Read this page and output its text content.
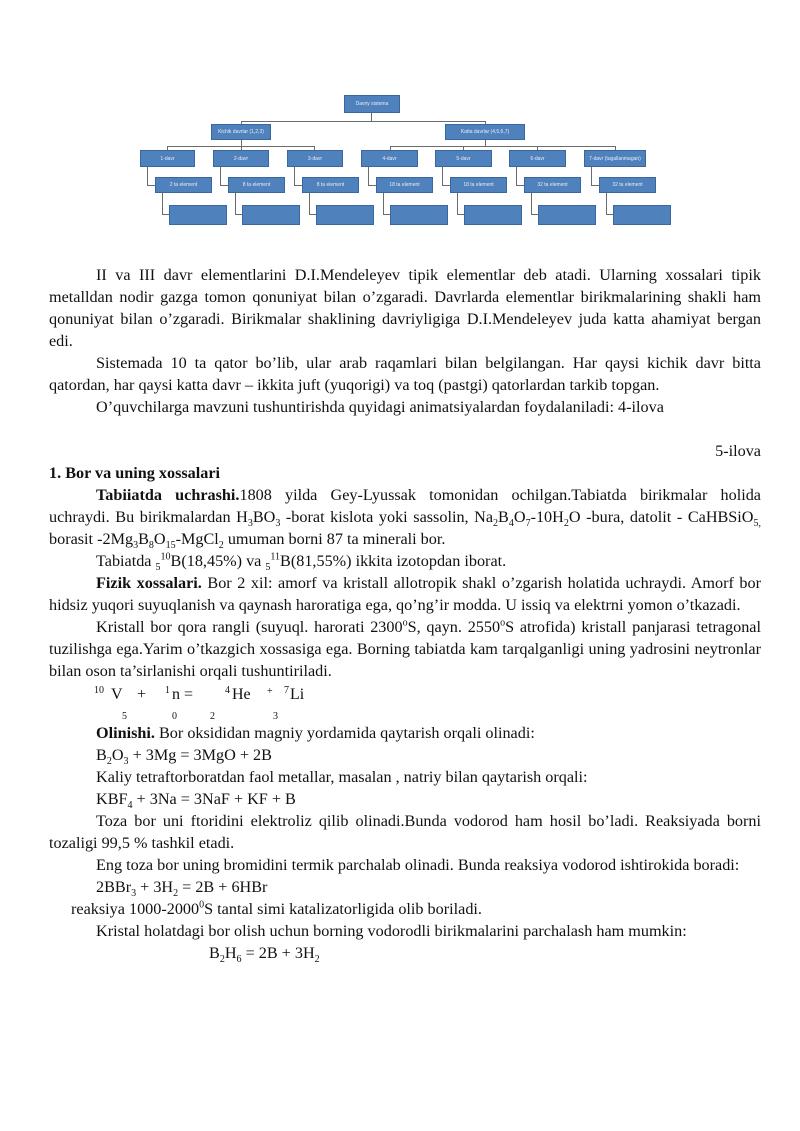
Davriy sistema
Kichik davrlar (1,2,3)	Katta davrlar (4,5,6,7)
1-davr	2-davr	3-davr	4-davr	5-davr	6-davr	7-davr (tugallanmagan)
2 ta element	8 ta element	8 ta element	18 ta element	18 ta element	32 ta element	32 ta element

II va III davr elementlarini D.I.Mendeleyev tipik elementlar deb atadi. Ularning xossalari tipik metalldan nodir gazga tomon qonuniyat bilan o’zgaradi. Davrlarda elementlar birikmalarining shakli ham qonuniyat bilan o’zgaradi. Birikmalar shaklining davriyligiga D.I.Mendeleyev juda katta ahamiyat bergan edi.

Sistemada 10 ta qator bo’lib, ular arab raqamlari bilan belgilangan. Har qaysi kichik davr bitta qatordan, har qaysi katta davr – ikkita juft (yuqorigi) va toq (pastgi) qatorlardan tarkib topgan.

O’quvchilarga mavzuni tushuntirishda quyidagi animatsiyalardan foydalaniladi: 4-ilova

5-ilova

1. Bor va uning xossalari

Tabiiatda uchrashi.1808 yilda Gey-Lyussak tomonidan ochilgan.Tabiatda birikmalar holida uchraydi. Bu birikmalardan $H_3BO_3$ -borat kislota yoki sassolin, $Na_2B_4O_7-10H_2O$ -bura, datolit - CaHBSiO$_{5,}$ borasit $-2Mg_3B_8O_{15}-MgCl_2$ umuman borni 87 ta minerali bor.

Tabiatda $_5^{10}$B(18,45%) va $_5^{11}$B(81,55%) ikkita izotopdan iborat.

Fizik xossalari. Bor 2 xil: amorf va kristall allotropik shakl o’zgarish holatida uchraydi. Amorf bor hidsiz yuqori suyuqlanish va qaynash haroratiga ega, qo’ng’ir modda. U issiq va elektrni yomon o’tkazadi.

Kristall bor qora rangli (suyuql. harorati 2300$^o$S, qayn. 2550$^o$S atrofida) kristall panjarasi tetragonal tuzilishga ega.Yarim o’tkazgich xossasiga ega. Borning tabiatda kam tarqalganligi uning yadrosini neytronlar bilan oson ta’sirlanishi orqali tushuntiriladi.

10 V + 1 n =	4 He + 7 Li
5	0	2	3

Olinishi. Bor oksididan magniy yordamida qaytarish orqali olinadi:

$B_2O_3 + 3Mg = 3MgO + 2B$

Kaliy tetraftorboratdan faol metallar, masalan , natriy bilan qaytarish orqali:

$KBF_4 + 3Na = 3NaF$ + KF + B

Toza bor uni ftoridini elektroliz qilib olinadi.Bunda vodorod ham hosil bo’ladi. Reaksiyada borni tozaligi 99,5 % tashkil etadi.

Eng toza bor uning bromidini termik parchalab olinadi. Bunda reaksiya vodorod ishtirokida boradi:

$2BBr_3 + 3H_2 = 2B + 6HBr$

reaksiya 1000-2000$^0$S tantal simi katalizatorligida olib boriladi.

Kristal holatdagi bor olish uchun borning vodorodli birikmalarini parchalash ham mumkin:

$B_2H_6 = 2B + 3H_2$
